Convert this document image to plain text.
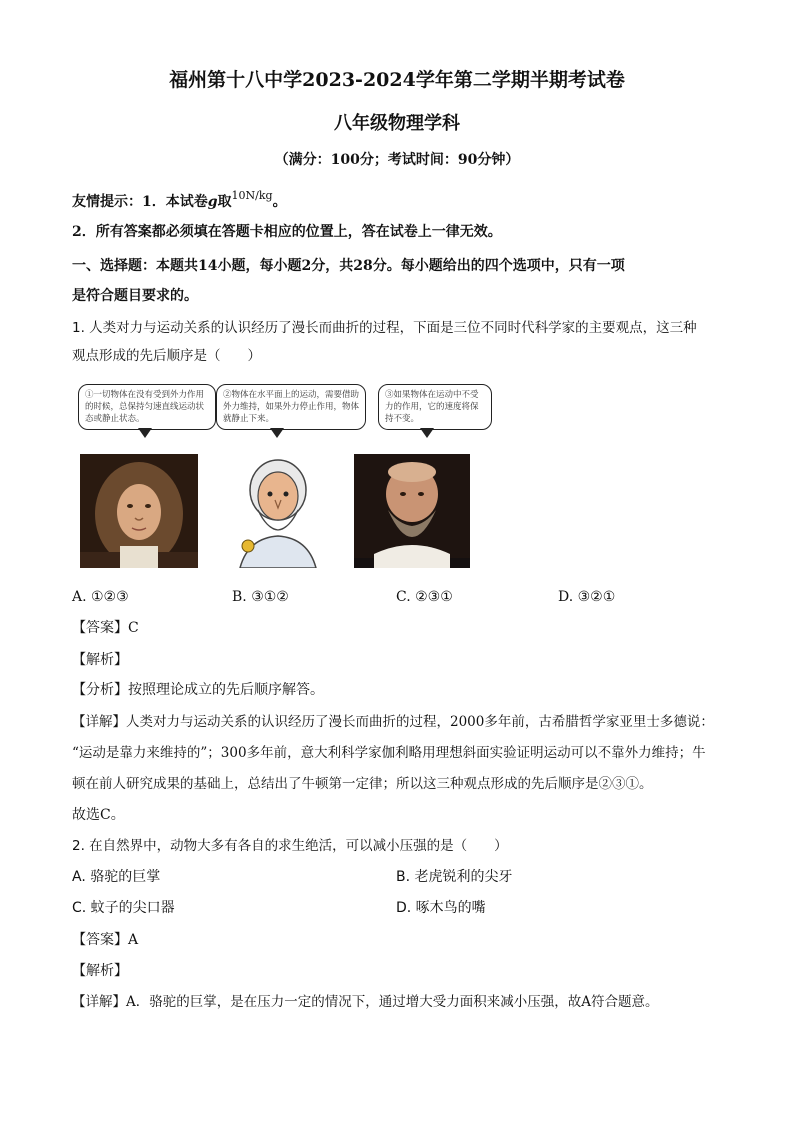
福州第十八中学2023-2024学年第二学期半期考试卷
八年级物理学科
（满分：100分；考试时间：90分钟）
友情提示：1．本试卷g取$^{10N/kg}$。
2．所有答案都必须填在答题卡相应的位置上，答在试卷上一律无效。
一、选择题：本题共14小题，每小题2分，共28分。每小题给出的四个选项中，只有一项
是符合题目要求的。
1. 人类对力与运动关系的认识经历了漫长而曲折的过程，下面是三位不同时代科学家的主要观点，这三种
观点形成的先后顺序是（　　）
①一切物体在没有受到外力作用的时候，总保持匀速直线运动状态或静止状态。
②物体在水平面上的运动，需要借助外力维持，如果外力停止作用，物体就静止下来。
③如果物体在运动中不受力的作用，它的速度将保持不变。
A. ①②③	B. ③①②	C. ②③①	D. ③②①
【答案】C
【解析】
【分析】按照理论成立的先后顺序解答。
【详解】人类对力与运动关系的认识经历了漫长而曲折的过程，2000多年前，古希腊哲学家亚里士多德说：
“运动是靠力来维持的”；300多年前，意大利科学家伽利略用理想斜面实验证明运动可以不靠外力维持；牛
顿在前人研究成果的基础上，总结出了牛顿第一定律；所以这三种观点形成的先后顺序是②③①。
故选C。
2. 在自然界中，动物大多有各自的求生绝活，可以减小压强的是（　　）
A. 骆驼的巨掌	B. 老虎锐利的尖牙
C. 蚊子的尖口器	D. 啄木鸟的嘴
【答案】A
【解析】
【详解】A．骆驼的巨掌，是在压力一定的情况下，通过增大受力面积来减小压强，故A符合题意。
